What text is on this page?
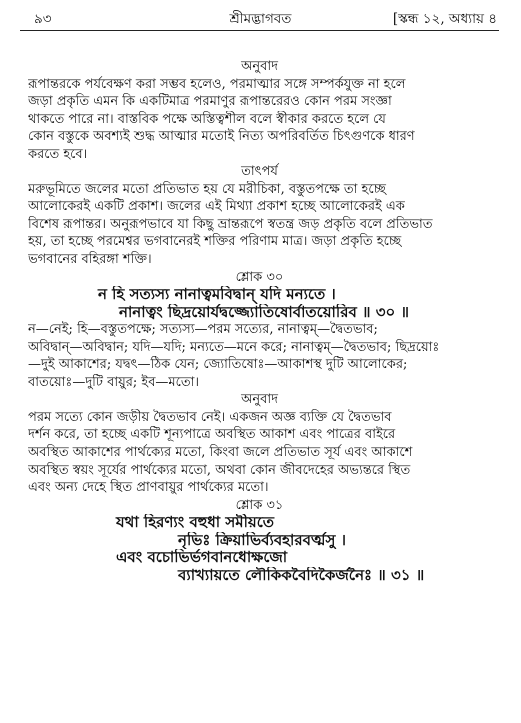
৯৩	শ্রীমদ্ভাগবত	[স্কন্ধ ১২, অধ্যায় ৪
অনুবাদ
রূপান্তরকে পর্যবেক্ষণ করা সম্ভব হলেও, পরমাত্মার সঙ্গে সম্পর্কযুক্ত না হলে
জড়া প্রকৃতি এমন কি একটিমাত্র পরমাণুর রূপান্তরেরও কোন পরম সংজ্ঞা
থাকতে পারে না। বাস্তবিক পক্ষে অস্তিত্বশীল বলে স্বীকার করতে হলে যে
কোন বস্তুকে অবশ্যই শুদ্ধ আত্মার মতোই নিত্য অপরিবর্তিত চিৎগুণকে ধারণ
করতে হবে।
তাৎপর্য
মরুভূমিতে জলের মতো প্রতিভাত হয় যে মরীচিকা, বস্তুতপক্ষে তা হচ্ছে
আলোকেরই একটি প্রকাশ। জলের এই মিথ্যা প্রকাশ হচ্ছে আলোকেরই এক
বিশেষ রূপান্তর। অনুরূপভাবে যা কিছু ভ্রান্তরূপে স্বতন্ত্র জড় প্রকৃতি বলে প্রতিভাত
হয়, তা হচ্ছে পরমেশ্বর ভগবানেরই শক্তির পরিণাম মাত্র। জড়া প্রকৃতি হচ্ছে
ভগবানের বহিরঙ্গা শক্তি।
শ্লোক ৩০
ন হি সত্যস্য নানাত্বমবিদ্বান্ যদি মন্যতে ।
নানাত্বং ছিদ্রয়োর্যদ্বজ্জ্যোতিষোর্বাতয়োরিব ॥ ৩০ ॥
ন—নেই; হি—বস্তুতপক্ষে; সত্যস্য—পরম সত্যের, নানাত্বম্—দ্বৈতভাব;
অবিদ্বান্—অবিদ্বান; যদি—যদি; মন্যতে—মনে করে; নানাত্বম্—দ্বৈতভাব; ছিদ্রয়োঃ
—দুই আকাশের; যদ্বৎ—ঠিক যেন; জ্যোতিষোঃ—আকাশস্থ দুটি আলোকের;
বাতয়োঃ—দুটি বায়ুর; ইব—মতো।
অনুবাদ
পরম সত্যে কোন জড়ীয় দ্বৈতভাব নেই। একজন অজ্ঞ ব্যক্তি যে দ্বৈতভাব
দর্শন করে, তা হচ্ছে একটি শূন্যপাত্রে অবস্থিত আকাশ এবং পাত্রের বাইরে
অবস্থিত আকাশের পার্থক্যের মতো, কিংবা জলে প্রতিভাত সূর্য এবং আকাশে
অবস্থিত স্বয়ং সূর্যের পার্থক্যের মতো, অথবা কোন জীবদেহের অভ্যন্তরে স্থিত
এবং অন্য দেহে স্থিত প্রাণবায়ুর পার্থক্যের মতো।
শ্লোক ৩১
যথা হিরণ্যং বহুধা সমীয়তে
নৃভিঃ ক্রিয়াভির্ব্যবহারবর্ত্মসু ।
এবং বচোভির্ভগবানধোক্ষজো
ব্যাখ্যায়তে লৌকিকবৈদিকৈর্জনৈঃ ॥ ৩১ ॥
